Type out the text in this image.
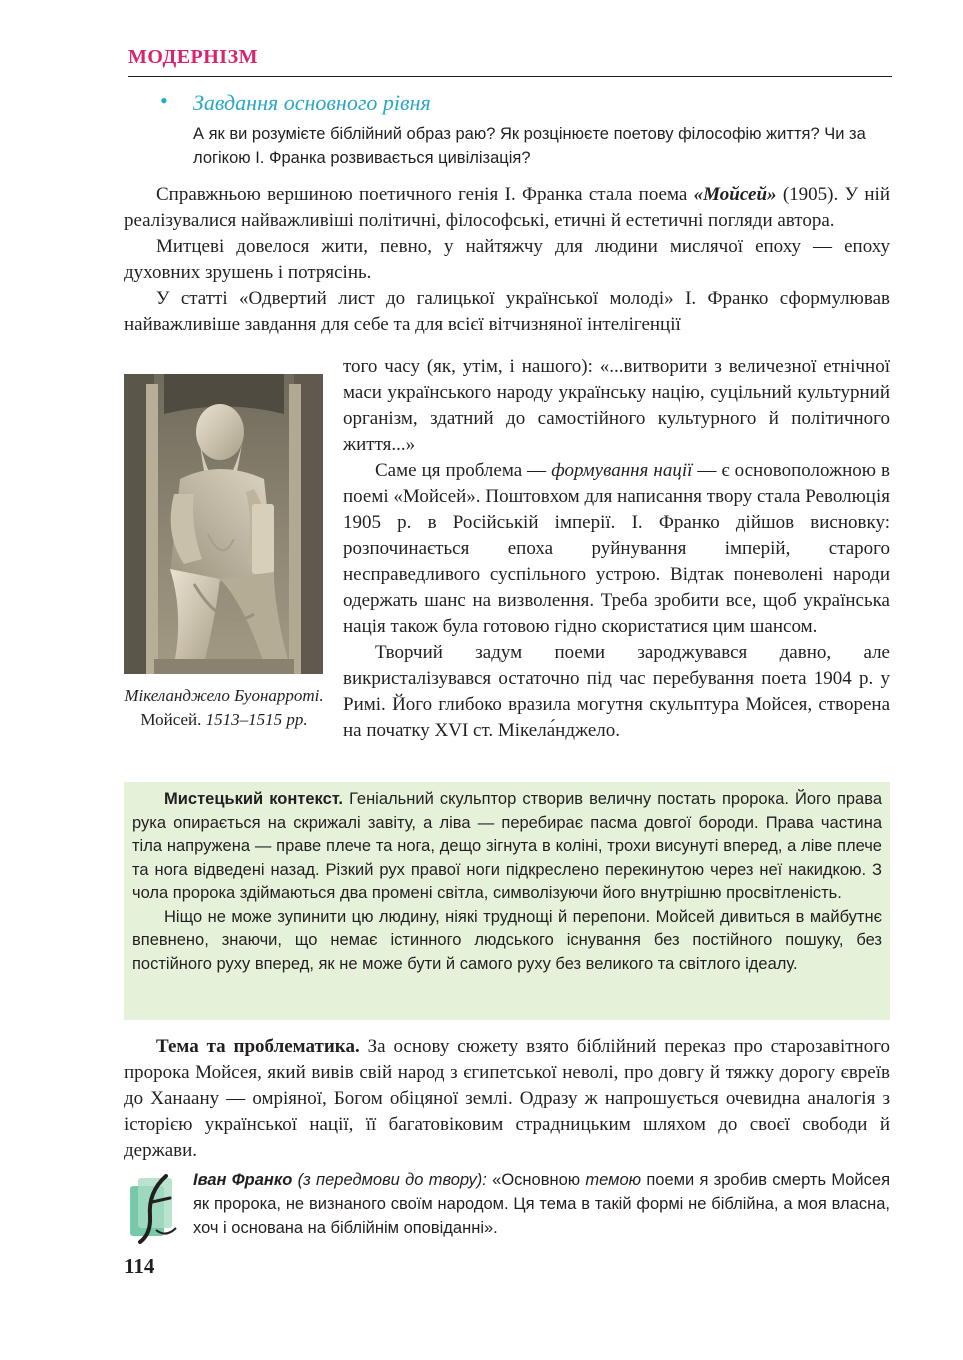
МОДЕРНІЗМ
• Завдання основного рівня
А як ви розумієте біблійний образ раю? Як розцінюєте поетову філософію життя? Чи за логікою І. Франка розвивається цивілізація?

Справжньою вершиною поетичного генія І. Франка стала поема «Мойсей» (1905). У ній реалізувалися найважливіші політичні, філософські, етичні й естетичні погляди автора.

Митцеві довелося жити, певно, у найтяжчу для людини мислячої епоху — епоху духовних зрушень і потрясінь.

У статті «Одвертий лист до галицької української молоді» І. Франко сформулював найважливіше завдання для себе та для всієї вітчизняної інтелігенції

того часу (як, утім, і нашого): «...витворити з величезної етнічної маси українського народу українську націю, суцільний культурний організм, здатний до самостійного культурного й політичного життя...»

Саме ця проблема — формування нації — є основоположною в поемі «Мойсей». Поштовхом для написання твору стала Революція 1905 р. в Російській імперії. І. Франко дійшов висновку: розпочинається епоха руйнування імперій, старого несправедливого суспільного устрою. Відтак поневолені народи одержать шанс на визволення. Треба зробити все, щоб українська нація також була готовою гідно скористатися цим шансом.

Творчий задум поеми зароджувався давно, але викристалізувався остаточно під час перебування поета 1904 р. у Римі. Його глибоко вразила могутня скульптура Мойсея, створена на початку XVI ст. Мікела́нджело.

Мікеланджело Буонарроті. Мойсей. 1513–1515 рр.

Мистецький контекст. Геніальний скульптор створив величну постать пророка. Його права рука опирається на скрижалі завіту, а ліва — перебирає пасма довгої бороди. Права частина тіла напружена — праве плече та нога, дещо зігнута в коліні, трохи висунуті вперед, а ліве плече та нога відведені назад. Різкий рух правої ноги підкреслено перекинутою через неї накидкою. З чола пророка здіймаються два промені світла, символізуючи його внутрішню просвітленість.

Ніщо не може зупинити цю людину, ніякі труднощі й перепони. Мойсей дивиться в майбутнє впевнено, знаючи, що немає істинного людського існування без постійного пошуку, без постійного руху вперед, як не може бути й самого руху без великого та світлого ідеалу.

Тема та проблематика. За основу сюжету взято біблійний переказ про старозавітного пророка Мойсея, який вивів свій народ з єгипетської неволі, про довгу й тяжку дорогу євреїв до Ханаану — омріяної, Богом обіцяної землі. Одразу ж напрошується очевидна аналогія з історією української нації, її багатовіковим страдницьким шляхом до своєї свободи й держави.

Іван Франко (з передмови до твору): «Основною темою поеми я зробив смерть Мойсея як пророка, не визнаного своїм народом. Ця тема в такій формі не біблійна, а моя власна, хоч і основана на біблійнім оповіданні».
114
